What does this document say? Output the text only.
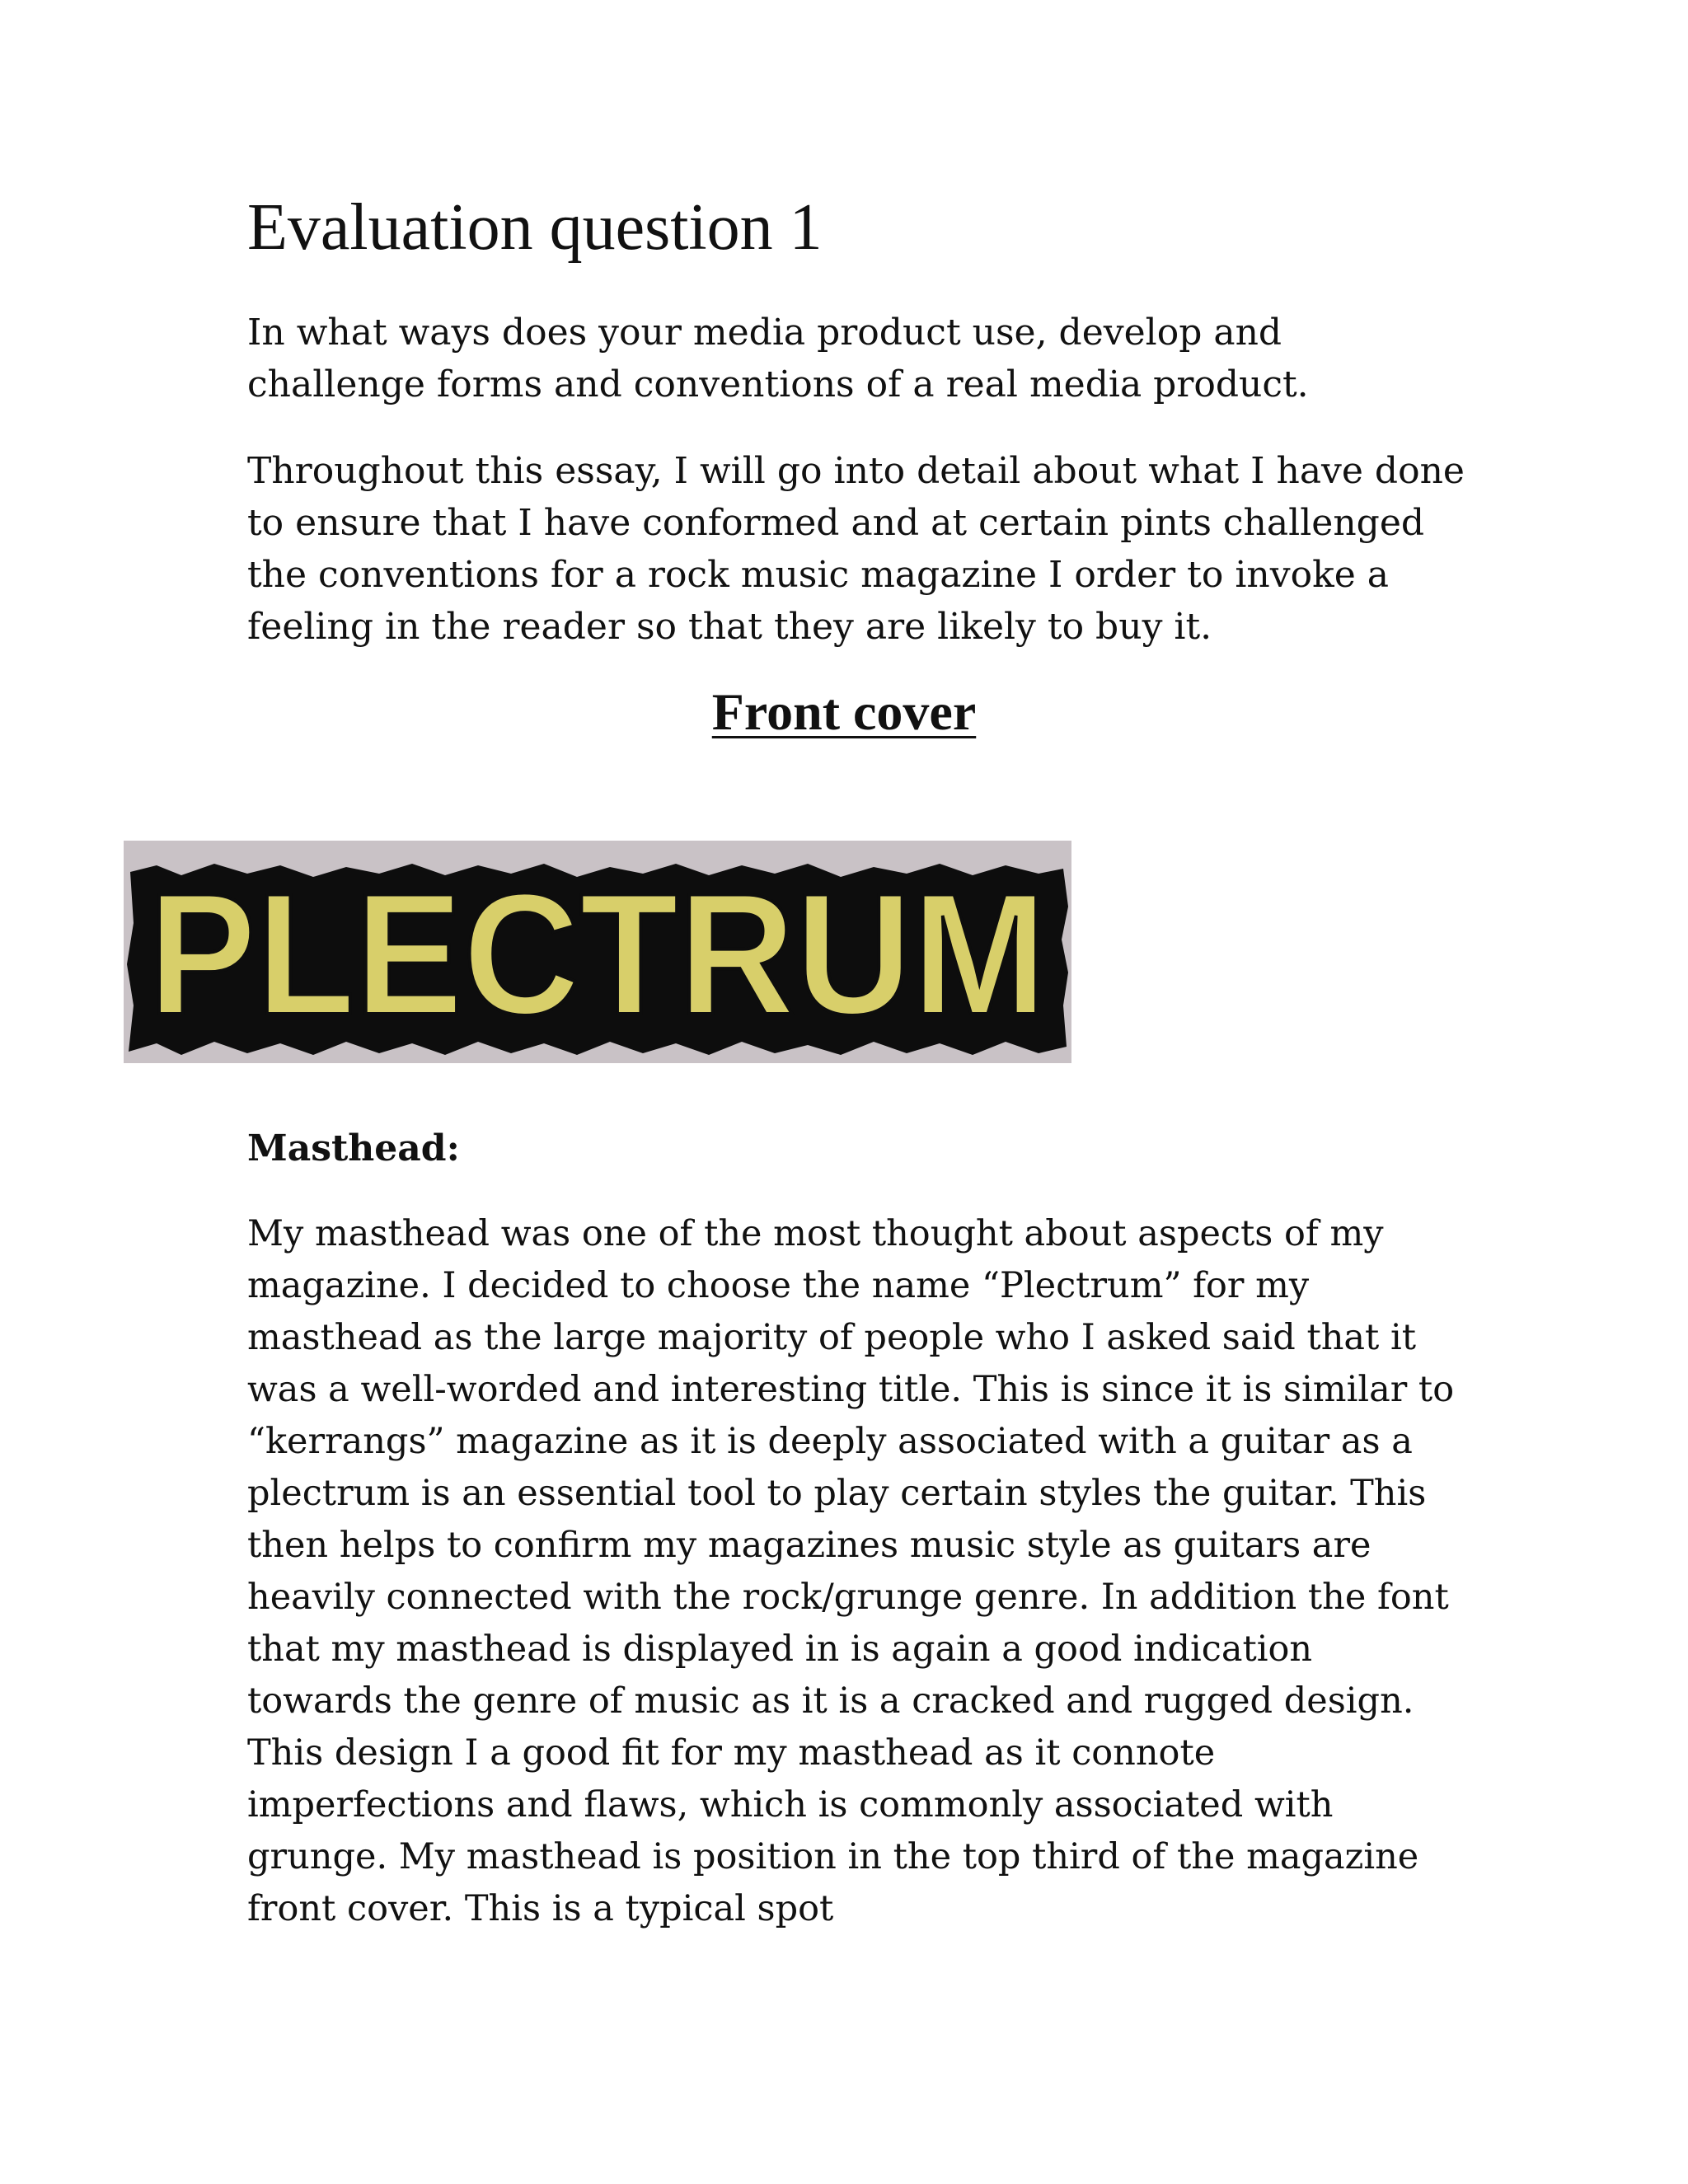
Evaluation question 1

In what ways does your media product use, develop and challenge forms and conventions of a real media product.

Throughout this essay, I will go into detail about what I have done to ensure that I have conformed and at certain pints challenged the conventions for a rock music magazine I order to invoke a feeling in the reader so that they are likely to buy it.

Front cover
PLECTRUM

Masthead:

My masthead was one of the most thought about aspects of my magazine. I decided to choose the name “Plectrum” for my masthead as the large majority of people who I asked said that it was a well-worded and interesting title. This is since it is similar to “kerrangs” magazine as it is deeply associated with a guitar as a plectrum is an essential tool to play certain styles the guitar. This then helps to confirm my magazines music style as guitars are heavily connected with the rock/grunge genre. In addition the font that my masthead is displayed in is again a good indication towards the genre of music as it is a cracked and rugged design. This design I a good fit for my masthead as it connote imperfections and flaws, which is commonly associated with grunge. My masthead is position in the top third of the magazine front cover. This is a typical spot
